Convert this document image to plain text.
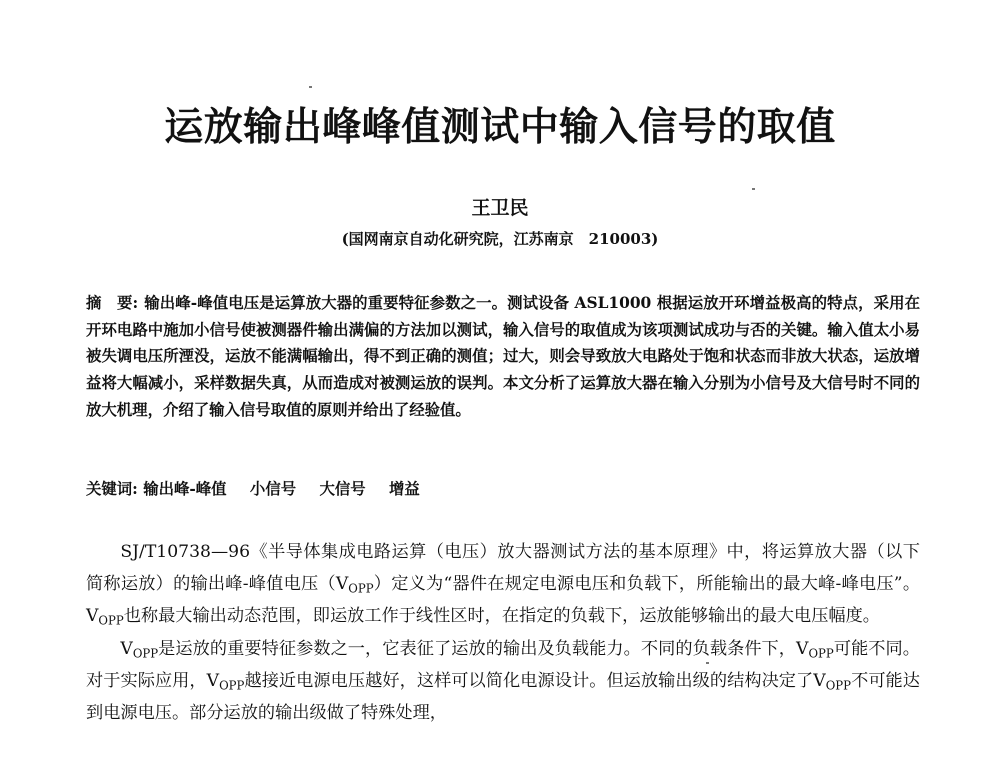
运放输出峰峰值测试中输入信号的取值
王卫民
(国网南京自动化研究院，江苏南京　210003)
摘　要: 输出峰-峰值电压是运算放大器的重要特征参数之一。测试设备 ASL1000 根据运放开环增益极高的特点，采用在开环电路中施加小信号使被测器件输出满偏的方法加以测试，输入信号的取值成为该项测试成功与否的关键。输入值太小易被失调电压所湮没，运放不能满幅输出，得不到正确的测值；过大，则会导致放大电路处于饱和状态而非放大状态，运放增益将大幅减小，采样数据失真，从而造成对被测运放的误判。本文分析了运算放大器在输入分别为小信号及大信号时不同的放大机理，介绍了输入信号取值的原则并给出了经验值。
关键词: 输出峰-峰值 小信号 大信号 增益

SJ/T10738—96《半导体集成电路运算（电压）放大器测试方法的基本原理》中，将运算放大器（以下简称运放）的输出峰-峰值电压$(V_{OPP})$定义为“器件在规定电源电压和负载下，所能输出的最大峰-峰电压”。$V_{OPP}$也称最大输出动态范围，即运放工作于线性区时，在指定的负载下，运放能够输出的最大电压幅度。

$V_{OPP}$是运放的重要特征参数之一，它表征了运放的输出及负载能力。不同的负载条件下，$V_{OPP}$可能不同。对于实际应用，$V_{OPP}$越接近电源电压越好，这样可以简化电源设计。但运放输出级的结构决定了$V_{OPP}$不可能达到电源电压。部分运放的输出级做了特殊处理，
